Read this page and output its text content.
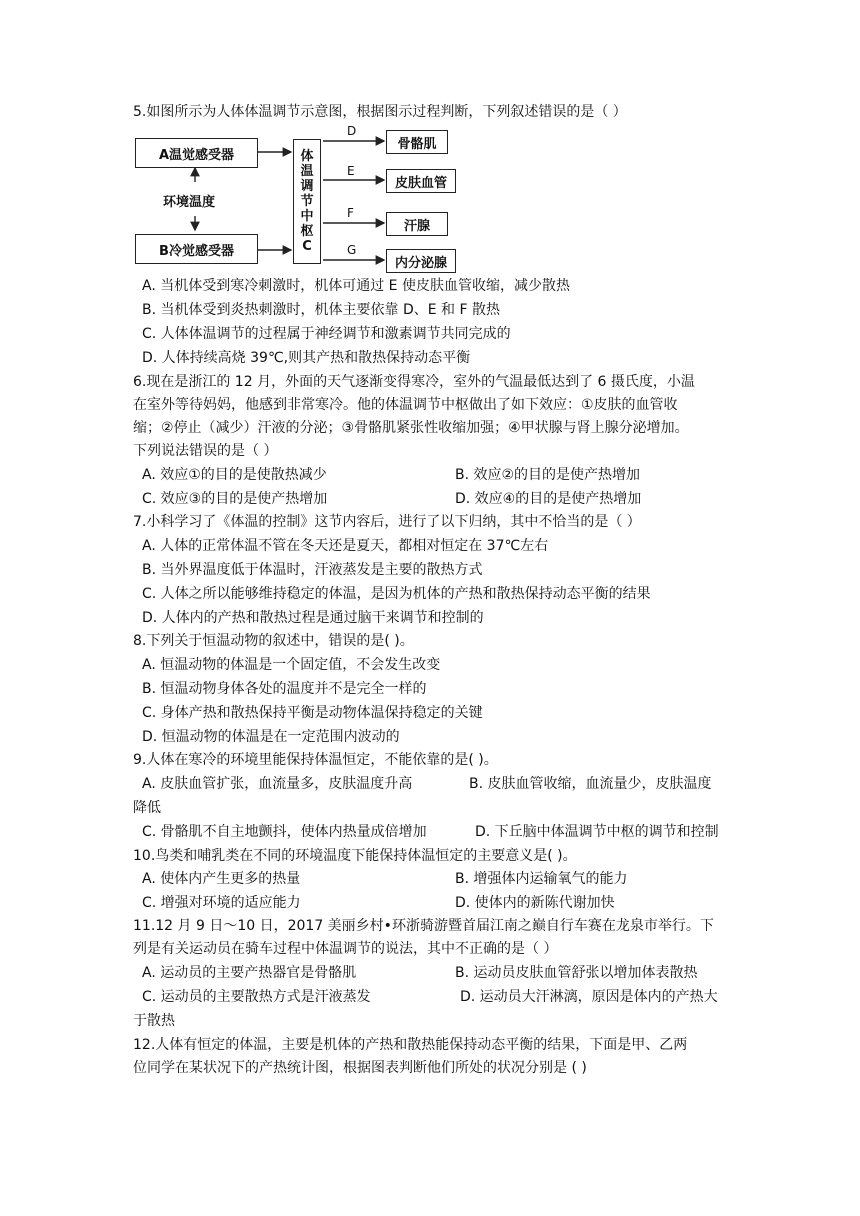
5.如图所示为人体体温调节示意图，根据图示过程判断，下列叙述错误的是（ ）
A温觉感受器
B冷觉感受器
环境温度
体温调节中枢C
D
E
F
G
骨骼肌
皮肤血管
汗腺
内分泌腺
A. 当机体受到寒冷刺激时，机体可通过 E 使皮肤血管收缩，减少散热
B. 当机体受到炎热刺激时，机体主要依靠 D、E 和 F 散热
C. 人体体温调节的过程属于神经调节和激素调节共同完成的
D. 人体持续高烧 39℃,则其产热和散热保持动态平衡
6.现在是浙江的 12 月，外面的天气逐渐变得寒冷，室外的气温最低达到了 6 摄氏度，小温
在室外等待妈妈，他感到非常寒冷。他的体温调节中枢做出了如下效应：①皮肤的血管收
缩；②停止（减少）汗液的分泌；③骨骼肌紧张性收缩加强；④甲状腺与肾上腺分泌增加。
下列说法错误的是（ ）
A. 效应①的目的是使散热减少	B. 效应②的目的是使产热增加
C. 效应③的目的是使产热增加	D. 效应④的目的是使产热增加
7.小科学习了《体温的控制》这节内容后，进行了以下归纳，其中不恰当的是（ ）
A. 人体的正常体温不管在冬天还是夏天，都相对恒定在 37℃左右
B. 当外界温度低于体温时，汗液蒸发是主要的散热方式
C. 人体之所以能够维持稳定的体温，是因为机体的产热和散热保持动态平衡的结果
D. 人体内的产热和散热过程是通过脑干来调节和控制的
8.下列关于恒温动物的叙述中，错误的是( )。
A. 恒温动物的体温是一个固定值，不会发生改变
B. 恒温动物身体各处的温度并不是完全一样的
C. 身体产热和散热保持平衡是动物体温保持稳定的关键
D. 恒温动物的体温是在一定范围内波动的
9.人体在寒冷的环境里能保持体温恒定，不能依靠的是( )。
A. 皮肤血管扩张，血流量多，皮肤温度升高	B. 皮肤血管收缩，血流量少，皮肤温度
降低
C. 骨骼肌不自主地颤抖，使体内热量成倍增加	D. 下丘脑中体温调节中枢的调节和控制
10.鸟类和哺乳类在不同的环境温度下能保持体温恒定的主要意义是( )。
A. 使体内产生更多的热量	B. 增强体内运输氧气的能力
C. 增强对环境的适应能力	D. 使体内的新陈代谢加快
11.12 月 9 日～10 日，2017 美丽乡村•环浙骑游暨首届江南之巅自行车赛在龙泉市举行。下
列是有关运动员在骑车过程中体温调节的说法，其中不正确的是（ ）
A. 运动员的主要产热器官是骨骼肌	B. 运动员皮肤血管舒张以增加体表散热
C. 运动员的主要散热方式是汗液蒸发	D. 运动员大汗淋漓，原因是体内的产热大
于散热
12.人体有恒定的体温，主要是机体的产热和散热能保持动态平衡的结果，下面是甲、乙两
位同学在某状况下的产热统计图，根据图表判断他们所处的状况分别是 ( )
